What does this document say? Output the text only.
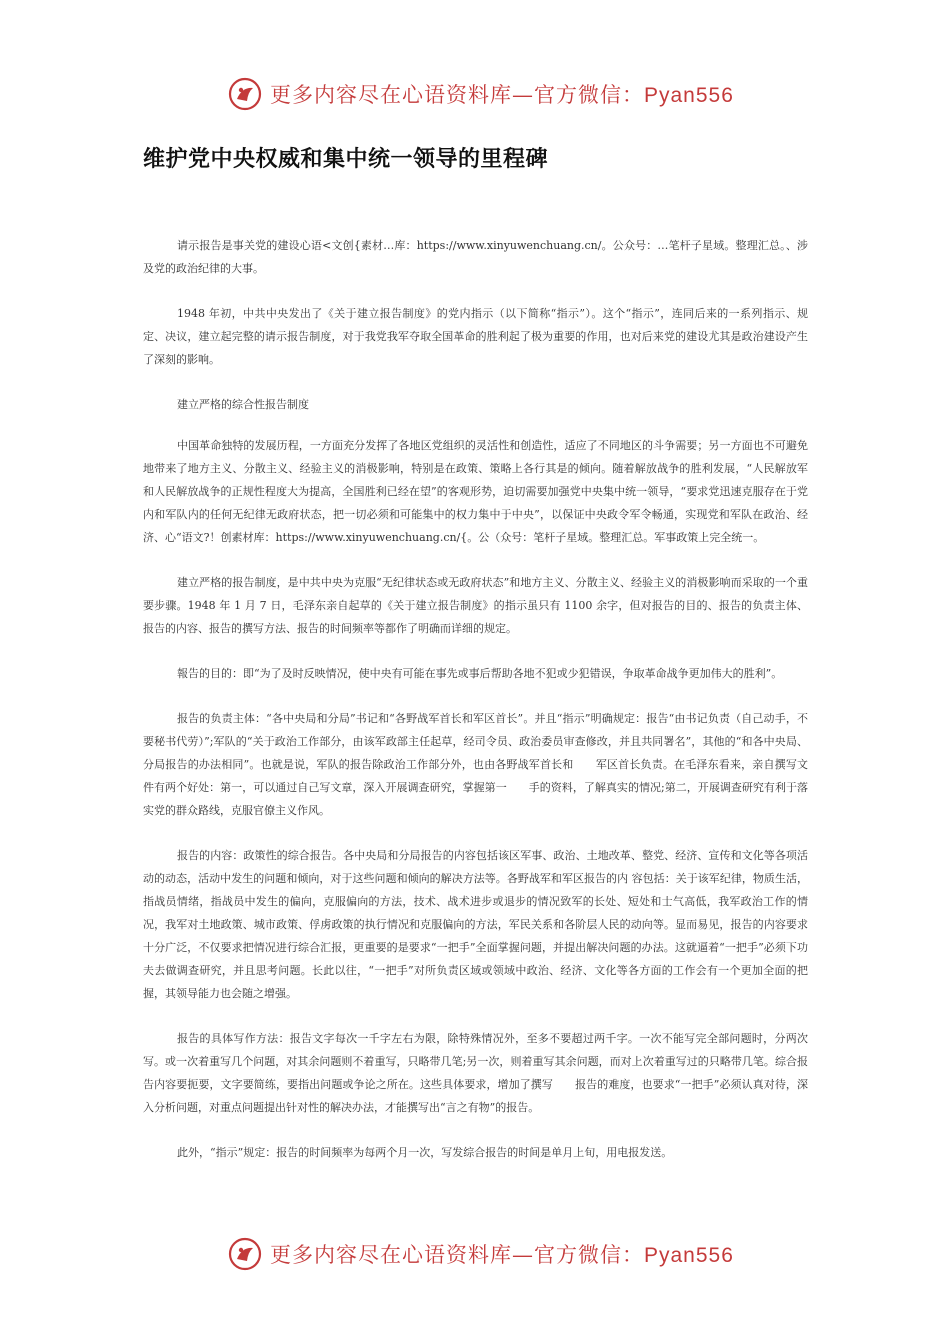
更多内容尽在心语资料库—官方微信：Pyan556
维护党中央权威和集中统一领导的里程碑

请示报告是事关党的建设心语<文创{素材…库：https://www.xinyuwenchuang.cn/。公众号：…笔杆子星域。整理汇总。、涉及党的政治纪律的大事。

1948 年初，中共中央发出了《关于建立报告制度》的党内指示（以下简称“指示”）。这个“指示”，连同后来的一系列指示、规定、决议，建立起完整的请示报告制度，对于我党我军夺取全国革命的胜利起了极为重要的作用，也对后来党的建设尤其是政治建设产生了深刻的影响。

建立严格的综合性报告制度

中国革命独特的发展历程，一方面充分发挥了各地区党组织的灵活性和创造性，适应了不同地区的斗争需要；另一方面也不可避免地带来了地方主义、分散主义、经验主义的消极影响，特别是在政策、策略上各行其是的倾向。随着解放战争的胜利发展，“人民解放军和人民解放战争的正规性程度大为提高，全国胜利已经在望”的客观形势，迫切需要加强党中央集中统一领导，“要求党迅速克服存在于党内和军队内的任何无纪律无政府状态，把一切必须和可能集中的权力集中于中央”，以保证中央政令军令畅通，实现党和军队在政治、经济、心“语文?！创素材库：https://www.xinyuwenchuang.cn/{。公（众号：笔杆子星域。整理汇总。军事政策上完全统一。

建立严格的报告制度，是中共中央为克服“无纪律状态或无政府状态”和地方主义、分散主义、经验主义的消极影响而采取的一个重要步骤。1948 年 1 月 7 日，毛泽东亲自起草的《关于建立报告制度》的指示虽只有 1100 余字，但对报告的目的、报告的负责主体、报告的内容、报告的撰写方法、报告的时间频率等都作了明确而详细的规定。

報告的目的：即“为了及时反映情况，使中央有可能在事先或事后帮助各地不犯或少犯错误，争取革命战争更加伟大的胜利”。

报告的负责主体：“各中央局和分局”书记和“各野战军首长和军区首长”。并且“指示”明确规定：报告“由书记负责（自己动手，不要秘书代劳）”;军队的“关于政治工作部分，由该军政部主任起草，经司令员、政治委员审查修改，并且共同署名”，其他的“和各中央局、分局报告的办法相同”。也就是说，军队的报告除政治工作部分外，也由各野战军首长和　　军区首长负责。在毛泽东看来，亲自撰写文件有两个好处：第一，可以通过自己写文章，深入开展调查研究，掌握第一　　手的资料，了解真实的情况;第二，开展调查研究有利于落实党的群众路线，克服官僚主义作风。

报告的内容：政策性的综合报告。各中央局和分局报告的内容包括该区军事、政治、土地改革、整党、经济、宣传和文化等各项活动的动态，活动中发生的问题和倾向，对于这些问题和倾向的解决方法等。各野战军和军区报告的内 容包括：关于该军纪律，物质生活，指战员情绪，指战员中发生的偏向，克服偏向的方法，技术、战术进步或退步的情况致军的长处、短处和士气高低，我军政治工作的情况，我军对土地政策、城市政策、俘虏政策的执行情况和克服偏向的方法，军民关系和各阶层人民的动向等。显而易见，报告的内容要求十分广泛，不仅要求把情况进行综合汇报，更重要的是要求“一把手”全面掌握问题，并提出解决问题的办法。这就逼着“一把手”必须下功夫去做调查研究，并且思考问题。长此以往，“一把手”对所负责区域或领域中政治、经济、文化等各方面的工作会有一个更加全面的把握，其领导能力也会随之增强。

报告的具体写作方法：报告文字每次一千字左右为限，除特殊情况外，至多不要超过两千字。一次不能写完全部问题时，分两次写。或一次着重写几个问题，对其余问题则不着重写，只略带几笔;另一次，则着重写其余问题，而对上次着重写过的只略带几笔。综合报告内容要扼要，文字要简练，要指出问题或争论之所在。这些具体要求，增加了撰写　　报告的难度，也要求“一把手”必须认真对待，深入分析问题，对重点问题提出针对性的解决办法，才能撰写出“言之有物”的报告。

此外，“指示”规定：报告的时间频率为每两个月一次，写发综合报告的时间是单月上旬，用电报发送。

更多内容尽在心语资料库—官方微信：Pyan556
